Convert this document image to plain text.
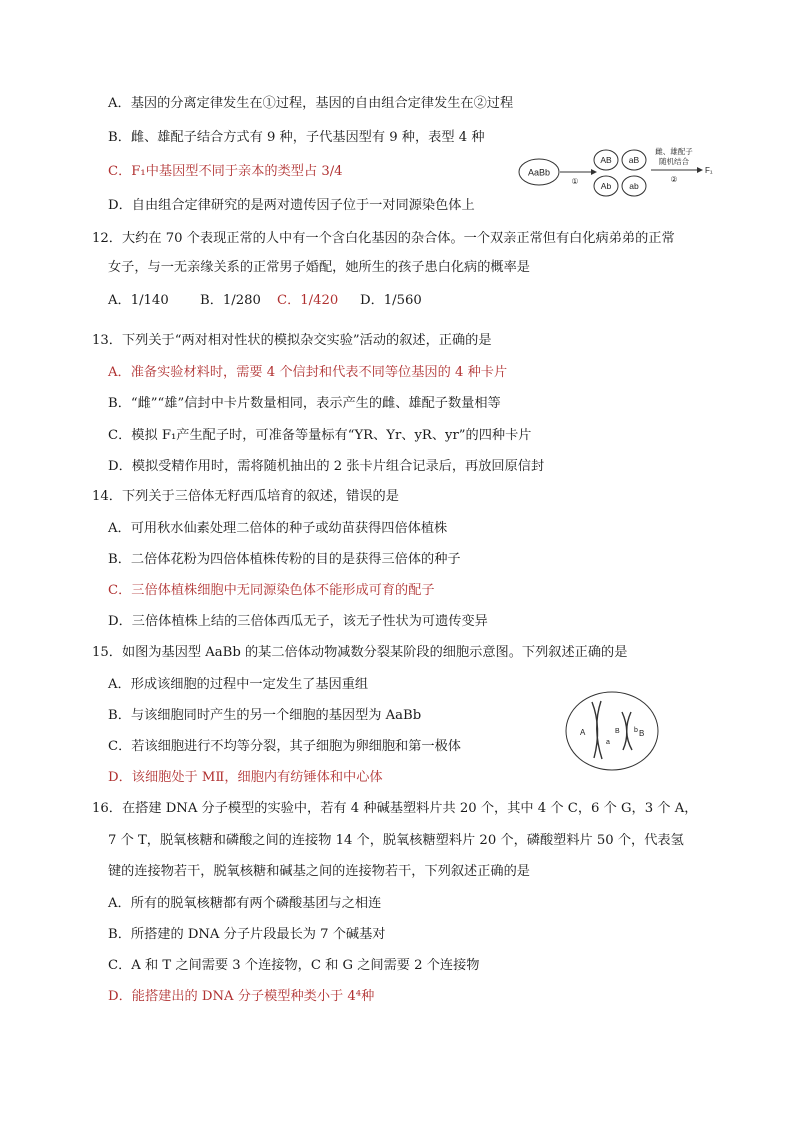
A．基因的分离定律发生在①过程，基因的自由组合定律发生在②过程
B．雌、雄配子结合方式有 9 种，子代基因型有 9 种，表型 4 种
C．F₁中基因型不同于亲本的类型占 3/4
D．自由组合定律研究的是两对遗传因子位于一对同源染色体上
AaBb
①
AB aB
Ab ab
雌、雄配子
随机结合
②
F₁
12．大约在 70 个表现正常的人中有一个含白化基因的杂合体。一个双亲正常但有白化病弟弟的正常
女子，与一无亲缘关系的正常男子婚配，她所生的孩子患白化病的概率是
A．1/140 B．1/280 C．1/420 D．1/560
13．下列关于“两对相对性状的模拟杂交实验”活动的叙述，正确的是
A．准备实验材料时，需要 4 个信封和代表不同等位基因的 4 种卡片
B．“雌”“雄”信封中卡片数量相同，表示产生的雌、雄配子数量相等
C．模拟 F₁产生配子时，可准备等量标有“YR、Yr、yR、yr”的四种卡片
D．模拟受精作用时，需将随机抽出的 2 张卡片组合记录后，再放回原信封
14．下列关于三倍体无籽西瓜培育的叙述，错误的是
A．可用秋水仙素处理二倍体的种子或幼苗获得四倍体植株
B．二倍体花粉为四倍体植株传粉的目的是获得三倍体的种子
C．三倍体植株细胞中无同源染色体不能形成可育的配子
D．三倍体植株上结的三倍体西瓜无子，该无子性状为可遗传变异
15．如图为基因型 AaBb 的某二倍体动物减数分裂某阶段的细胞示意图。下列叙述正确的是
A．形成该细胞的过程中一定发生了基因重组
B．与该细胞同时产生的另一个细胞的基因型为 AaBb
C．若该细胞进行不均等分裂，其子细胞为卵细胞和第一极体
D．该细胞处于 MⅡ，细胞内有纺锤体和中心体
A
a
B b B
16．在搭建 DNA 分子模型的实验中，若有 4 种碱基塑料片共 20 个，其中 4 个 C，6 个 G，3 个 A，
7 个 T，脱氧核糖和磷酸之间的连接物 14 个，脱氧核糖塑料片 20 个，磷酸塑料片 50 个，代表氢
键的连接物若干，脱氧核糖和碱基之间的连接物若干，下列叙述正确的是
A．所有的脱氧核糖都有两个磷酸基团与之相连
B．所搭建的 DNA 分子片段最长为 7 个碱基对
C．A 和 T 之间需要 3 个连接物，C 和 G 之间需要 2 个连接物
D．能搭建出的 DNA 分子模型种类小于 4⁴种
